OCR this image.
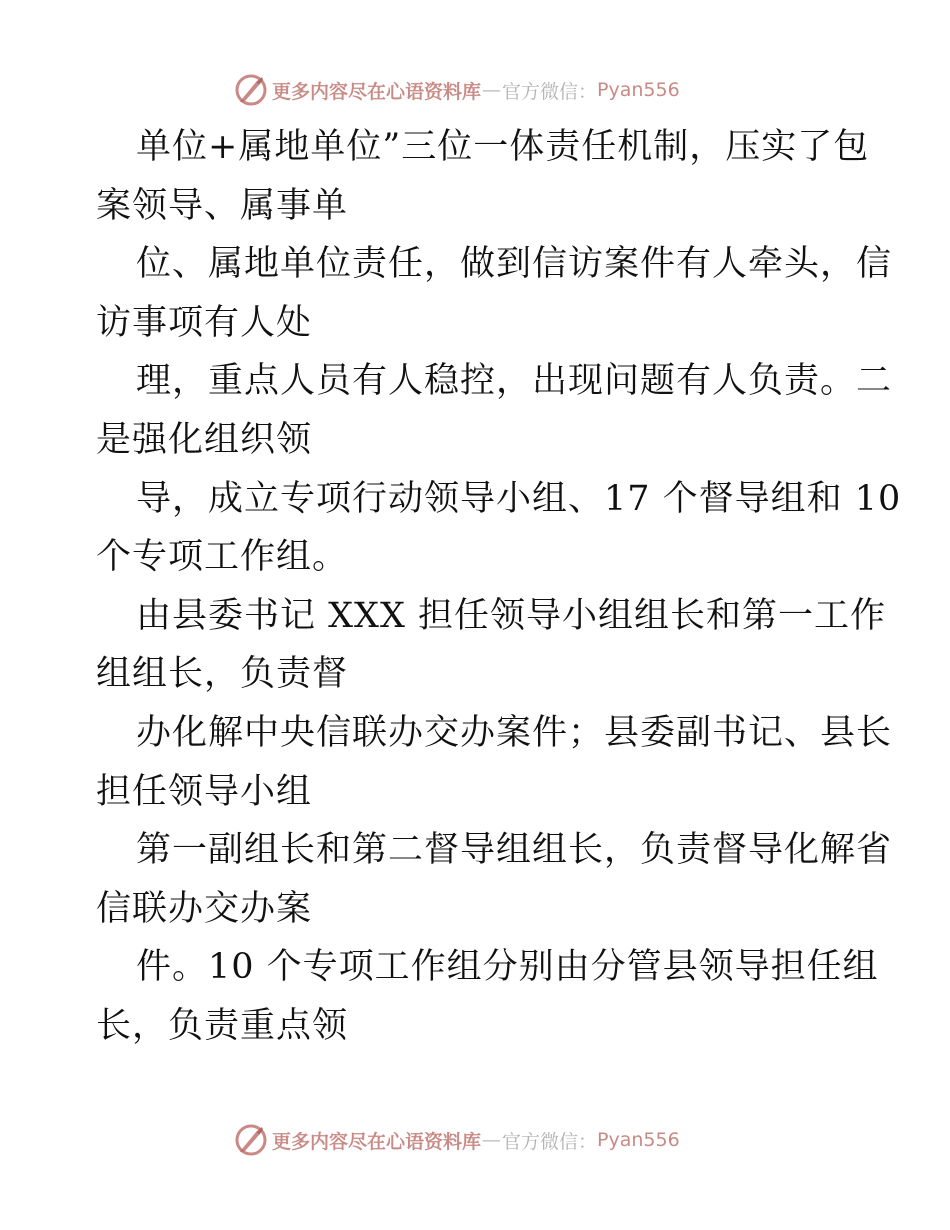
更多内容尽在心语资料库 — 官方微信： Pyan556
单位+属地单位”三位一体责任机制，压实了包
案领导、属事单
位、属地单位责任，做到信访案件有人牵头，信
访事项有人处
理，重点人员有人稳控，出现问题有人负责。二
是强化组织领
导，成立专项行动领导小组、17 个督导组和 10
个专项工作组。
由县委书记 XXX 担任领导小组组长和第一工作
组组长，负责督
办化解中央信联办交办案件；县委副书记、县长
担任领导小组
第一副组长和第二督导组组长，负责督导化解省
信联办交办案
件。10 个专项工作组分别由分管县领导担任组
长，负责重点领
更多内容尽在心语资料库 — 官方微信： Pyan556
